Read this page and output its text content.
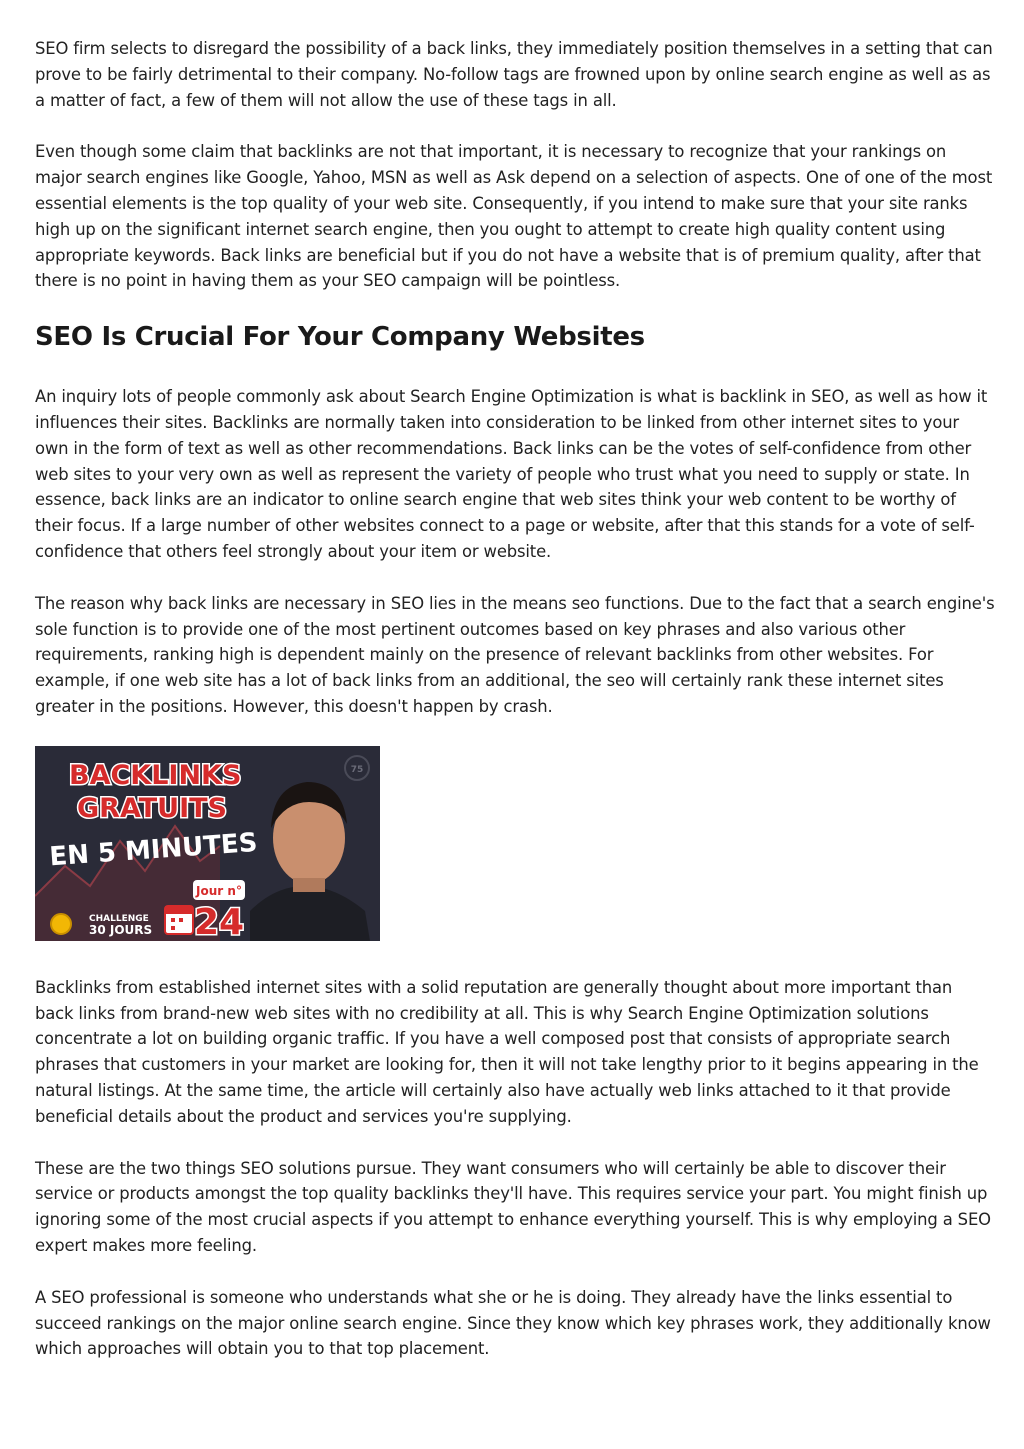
SEO firm selects to disregard the possibility of a back links, they immediately position themselves in a setting that can prove to be fairly detrimental to their company. No-follow tags are frowned upon by online search engine as well as as a matter of fact, a few of them will not allow the use of these tags in all.

Even though some claim that backlinks are not that important, it is necessary to recognize that your rankings on major search engines like Google, Yahoo, MSN as well as Ask depend on a selection of aspects. One of one of the most essential elements is the top quality of your web site. Consequently, if you intend to make sure that your site ranks high up on the significant internet search engine, then you ought to attempt to create high quality content using appropriate keywords. Back links are beneficial but if you do not have a website that is of premium quality, after that there is no point in having them as your SEO campaign will be pointless.

SEO Is Crucial For Your Company Websites

An inquiry lots of people commonly ask about Search Engine Optimization is what is backlink in SEO, as well as how it influences their sites. Backlinks are normally taken into consideration to be linked from other internet sites to your own in the form of text as well as other recommendations. Back links can be the votes of self-confidence from other web sites to your very own as well as represent the variety of people who trust what you need to supply or state. In essence, back links are an indicator to online search engine that web sites think your web content to be worthy of their focus. If a large number of other websites connect to a page or website, after that this stands for a vote of self-confidence that others feel strongly about your item or website.

The reason why back links are necessary in SEO lies in the means seo functions. Due to the fact that a search engine's sole function is to provide one of the most pertinent outcomes based on key phrases and also various other requirements, ranking high is dependent mainly on the presence of relevant backlinks from other websites. For example, if one web site has a lot of back links from an additional, the seo will certainly rank these internet sites greater in the positions. However, this doesn't happen by crash.

75
BACKLINKS
GRATUITS
EN 5 MINUTES
CHALLENGE
30 JOURS
Jour n°
24

Backlinks from established internet sites with a solid reputation are generally thought about more important than back links from brand-new web sites with no credibility at all. This is why Search Engine Optimization solutions concentrate a lot on building organic traffic. If you have a well composed post that consists of appropriate search phrases that customers in your market are looking for, then it will not take lengthy prior to it begins appearing in the natural listings. At the same time, the article will certainly also have actually web links attached to it that provide beneficial details about the product and services you're supplying.

These are the two things SEO solutions pursue. They want consumers who will certainly be able to discover their service or products amongst the top quality backlinks they'll have. This requires service your part. You might finish up ignoring some of the most crucial aspects if you attempt to enhance everything yourself. This is why employing a SEO expert makes more feeling.

A SEO professional is someone who understands what she or he is doing. They already have the links essential to succeed rankings on the major online search engine. Since they know which key phrases work, they additionally know which approaches will obtain you to that top placement.
